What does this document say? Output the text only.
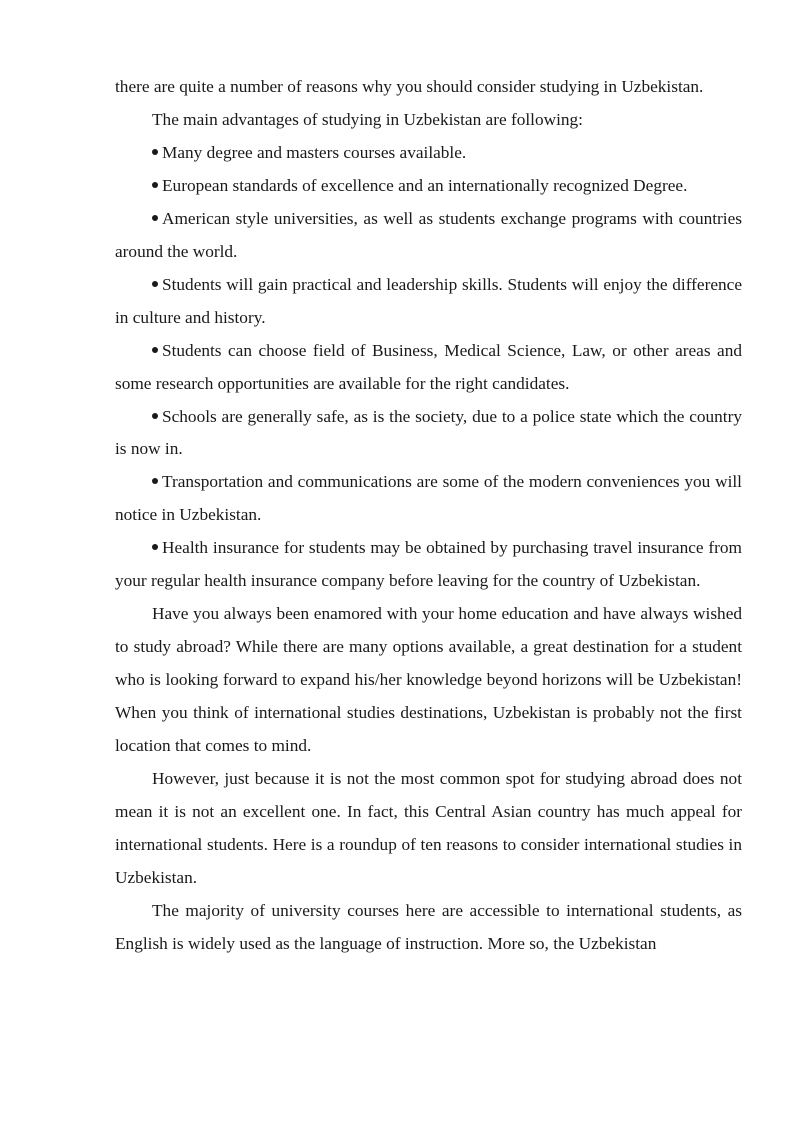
there are quite a number of reasons why you should consider studying in Uzbekistan.

The main advantages of studying in Uzbekistan are following:

Many degree and masters courses available.

European standards of excellence and an internationally recognized Degree.

American style universities, as well as students exchange programs with countries around the world.

Students will gain practical and leadership skills. Students will enjoy the difference in culture and history.

Students can choose field of Business, Medical Science, Law, or other areas and some research opportunities are available for the right candidates.

Schools are generally safe, as is the society, due to a police state which the country is now in.

Transportation and communications are some of the modern conveniences you will notice in Uzbekistan.

Health insurance for students may be obtained by purchasing travel insurance from your regular health insurance company before leaving for the country of Uzbekistan.

Have you always been enamored with your home education and have always wished to study abroad? While there are many options available, a great destination for a student who is looking forward to expand his/her knowledge beyond horizons will be Uzbekistan! When you think of international studies destinations, Uzbekistan is probably not the first location that comes to mind.

However, just because it is not the most common spot for studying abroad does not mean it is not an excellent one. In fact, this Central Asian country has much appeal for international students. Here is a roundup of ten reasons to consider international studies in Uzbekistan.

The majority of university courses here are accessible to international students, as English is widely used as the language of instruction. More so, the Uzbekistan
